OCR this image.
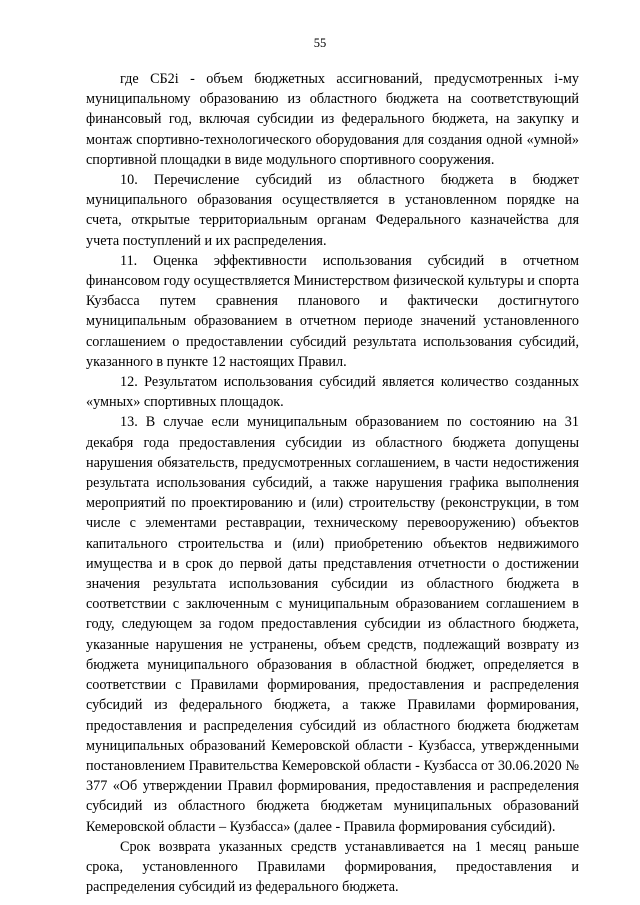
55

где СБ2i - объем бюджетных ассигнований, предусмотренных i-му муниципальному образованию из областного бюджета на соответствующий финансовый год, включая субсидии из федерального бюджета, на закупку и монтаж спортивно-технологического оборудования для создания одной «умной» спортивной площадки в виде модульного спортивного сооружения.

10. Перечисление субсидий из областного бюджета в бюджет муниципального образования осуществляется в установленном порядке на счета, открытые территориальным органам Федерального казначейства для учета поступлений и их распределения.

11. Оценка эффективности использования субсидий в отчетном финансовом году осуществляется Министерством физической культуры и спорта Кузбасса путем сравнения планового и фактически достигнутого муниципальным образованием в отчетном периоде значений установленного соглашением о предоставлении субсидий результата использования субсидий, указанного в пункте 12 настоящих Правил.

12. Результатом использования субсидий является количество созданных «умных» спортивных площадок.

13. В случае если муниципальным образованием по состоянию на 31 декабря года предоставления субсидии из областного бюджета допущены нарушения обязательств, предусмотренных соглашением, в части недостижения результата использования субсидий, а также нарушения графика выполнения мероприятий по проектированию и (или) строительству (реконструкции, в том числе с элементами реставрации, техническому перевооружению) объектов капитального строительства и (или) приобретению объектов недвижимого имущества и в срок до первой даты представления отчетности о достижении значения результата использования субсидии из областного бюджета в соответствии с заключенным с муниципальным образованием соглашением в году, следующем за годом предоставления субсидии из областного бюджета, указанные нарушения не устранены, объем средств, подлежащий возврату из бюджета муниципального образования в областной бюджет, определяется в соответствии с Правилами формирования, предоставления и распределения субсидий из федерального бюджета, а также Правилами формирования, предоставления и распределения субсидий из областного бюджета бюджетам муниципальных образований Кемеровской области - Кузбасса, утвержденными постановлением Правительства Кемеровской области - Кузбасса от 30.06.2020 № 377 «Об утверждении Правил формирования, предоставления и распределения субсидий из областного бюджета бюджетам муниципальных образований Кемеровской области – Кузбасса» (далее - Правила формирования субсидий).

Срок возврата указанных средств устанавливается на 1 месяц раньше срока, установленного Правилами формирования, предоставления и распределения субсидий из федерального бюджета.
